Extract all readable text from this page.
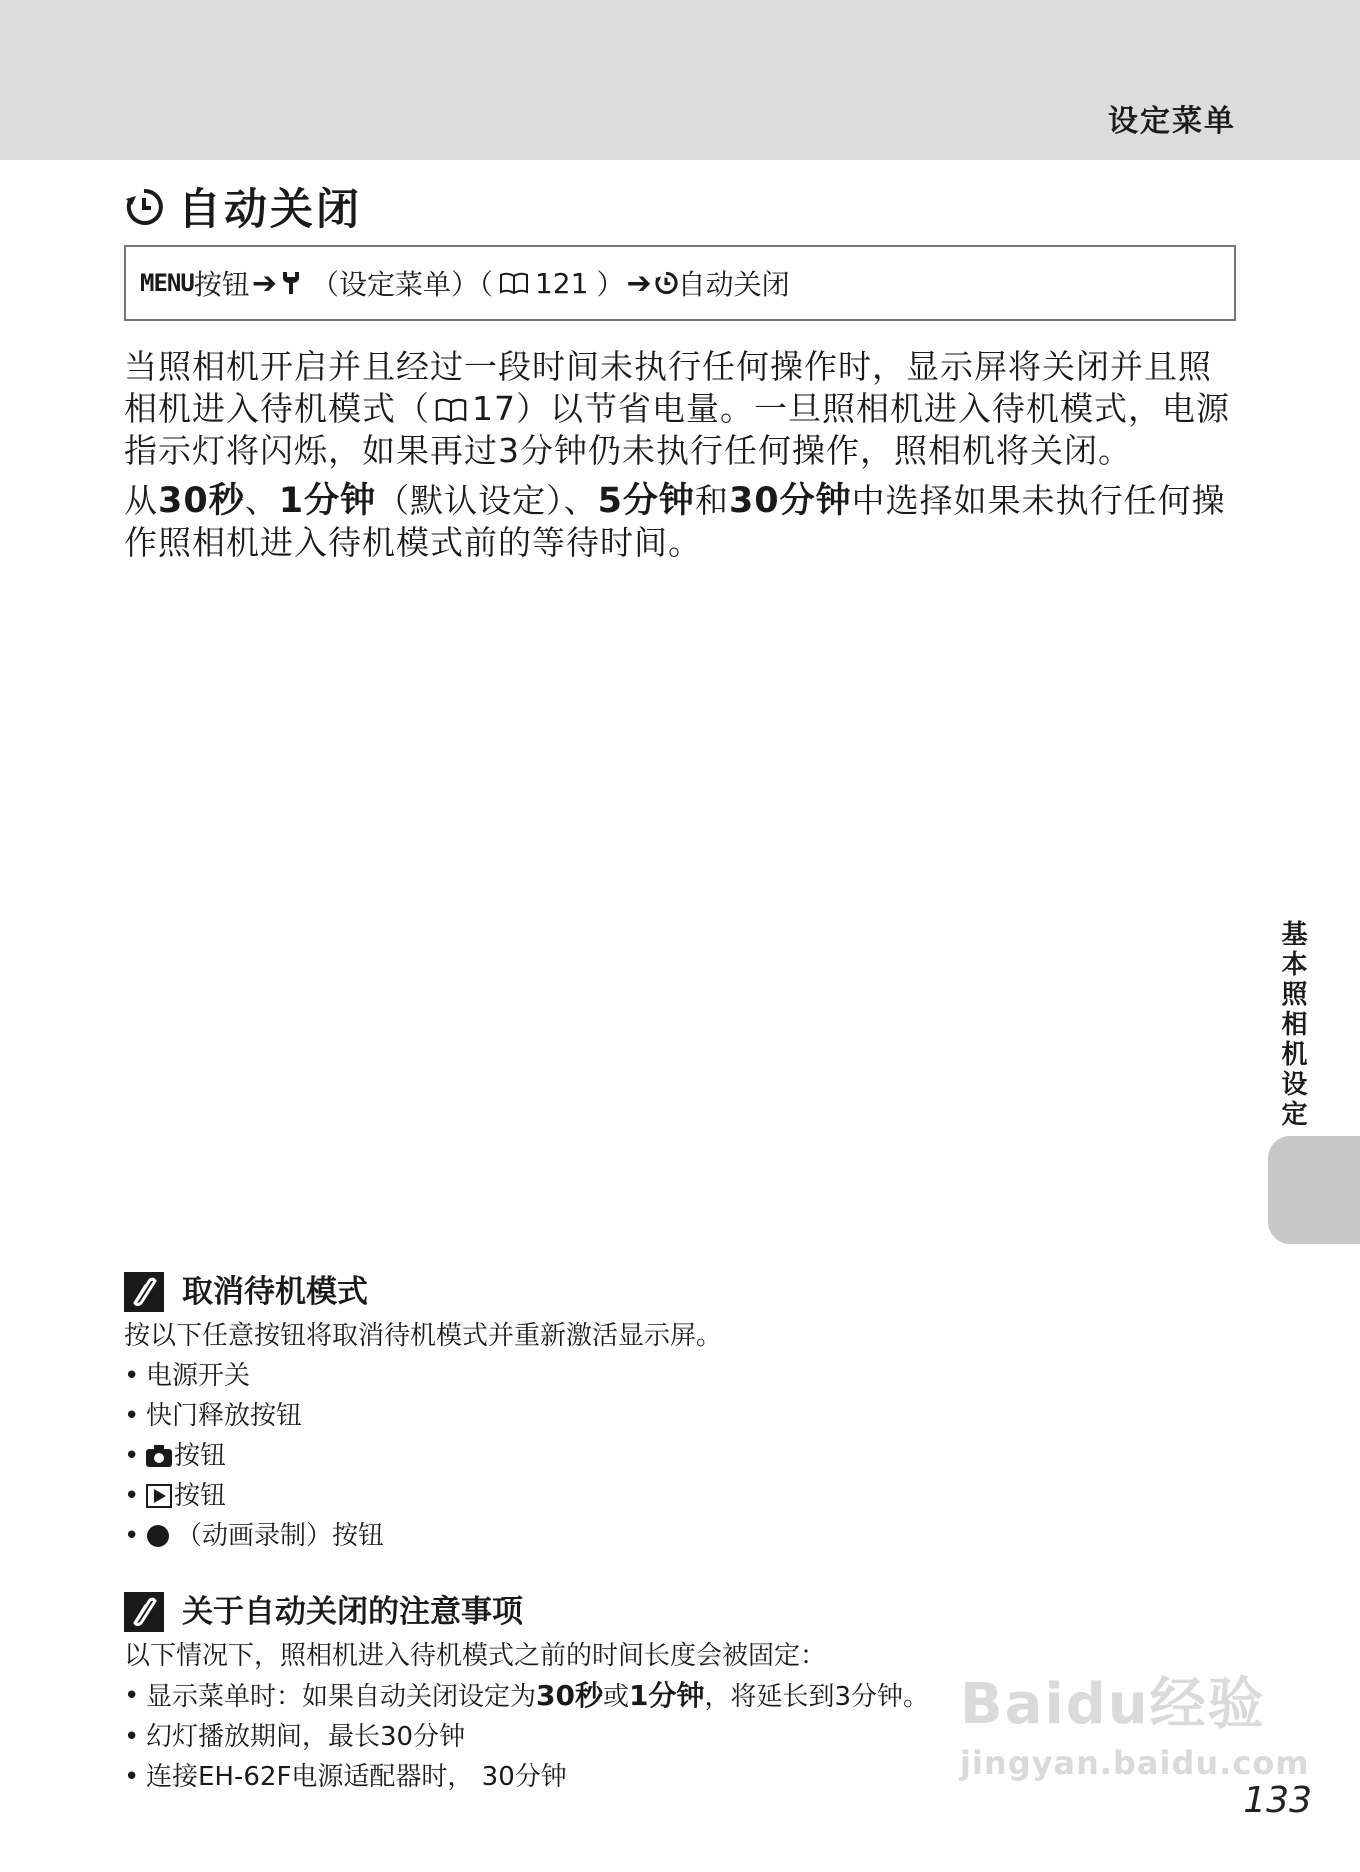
设定菜单
自动关闭
MENU 按钮 ➔ （设定菜单）（ 121 ） ➔ 自动关闭

当照相机开启并且经过一段时间未执行任何操作时，显示屏将关闭并且照相机进入待机模式（ 17）以节省电量。一旦照相机进入待机模式，电源指示灯将闪烁，如果再过3分钟仍未执行任何操作，照相机将关闭。

从30秒、1分钟（默认设定）、5分钟和30分钟中选择如果未执行任何操作照相机进入待机模式前的等待时间。

基本照相机设定
取消待机模式
按以下任意按钮将取消待机模式并重新激活显示屏。
• 电源开关
• 快门释放按钮
• 按钮
• 按钮
• （动画录制）按钮
关于自动关闭的注意事项
以下情况下，照相机进入待机模式之前的时间长度会被固定：
• 显示菜单时：如果自动关闭设定为30秒或1分钟，将延长到3分钟。
• 幻灯播放期间，最长30分钟
• 连接EH-62F电源适配器时， 30分钟
Baidu经验
jingyan.baidu.com
133
